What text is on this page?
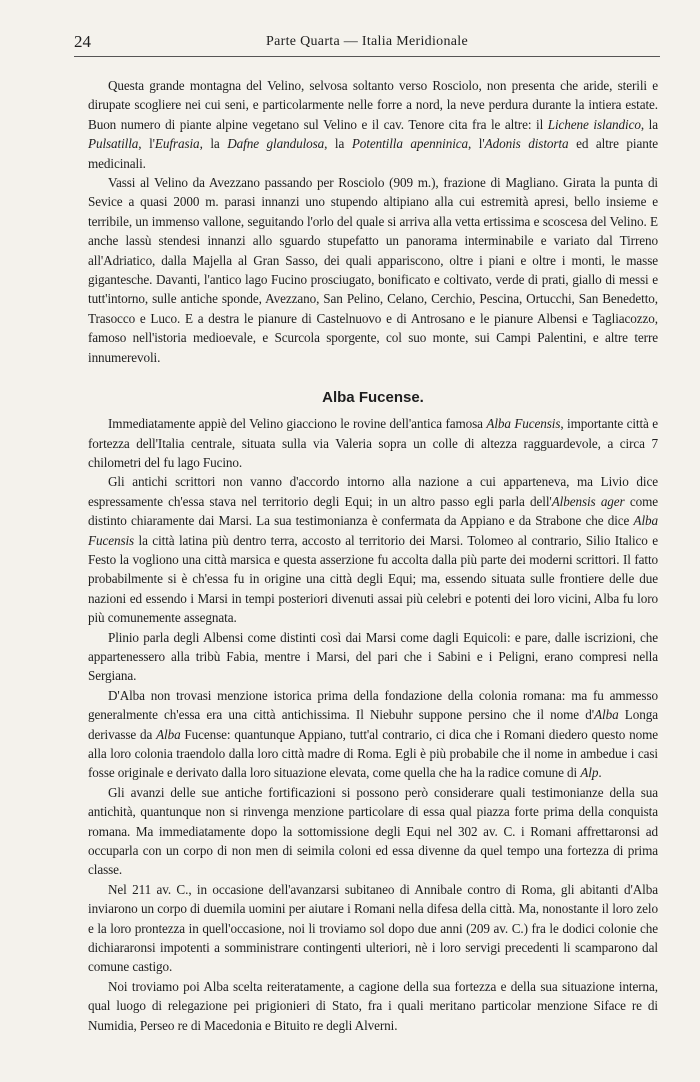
24	Parte Quarta — Italia Meridionale

Questa grande montagna del Velino, selvosa soltanto verso Rosciolo, non presenta che aride, sterili e dirupate scogliere nei cui seni, e particolarmente nelle forre a nord, la neve perdura durante la intiera estate. Buon numero di piante alpine vegetano sul Velino e il cav. Tenore cita fra le altre: il Lichene islandico, la Pulsatilla, l'Eufrasia, la Dafne glandulosa, la Potentilla apenninica, l'Adonis distorta ed altre piante medicinali.

Vassi al Velino da Avezzano passando per Rosciolo (909 m.), frazione di Magliano. Girata la punta di Sevice a quasi 2000 m. parasi innanzi uno stupendo altipiano alla cui estremità apresi, bello insieme e terribile, un immenso vallone, seguitando l'orlo del quale si arriva alla vetta ertissima e scoscesa del Velino. E anche lassù stendesi innanzi allo sguardo stupefatto un panorama interminabile e variato dal Tirreno all'Adriatico, dalla Majella al Gran Sasso, dei quali appariscono, oltre i piani e oltre i monti, le masse gigantesche. Davanti, l'antico lago Fucino prosciugato, bonificato e coltivato, verde di prati, giallo di messi e tutt'intorno, sulle antiche sponde, Avezzano, San Pelino, Celano, Cerchio, Pescina, Ortucchi, San Benedetto, Trasocco e Luco. E a destra le pianure di Castelnuovo e di Antrosano e le pianure Albensi e Tagliacozzo, famoso nell'istoria medioevale, e Scurcola sporgente, col suo monte, sui Campi Palentini, e altre terre innumerevoli.

Alba Fucense.

Immediatamente appiè del Velino giacciono le rovine dell'antica famosa Alba Fucensis, importante città e fortezza dell'Italia centrale, situata sulla via Valeria sopra un colle di altezza ragguardevole, a circa 7 chilometri del fu lago Fucino.

Gli antichi scrittori non vanno d'accordo intorno alla nazione a cui apparteneva, ma Livio dice espressamente ch'essa stava nel territorio degli Equi; in un altro passo egli parla dell'Albensis ager come distinto chiaramente dai Marsi. La sua testimonianza è confermata da Appiano e da Strabone che dice Alba Fucensis la città latina più dentro terra, accosto al territorio dei Marsi. Tolomeo al contrario, Silio Italico e Festo la vogliono una città marsica e questa asserzione fu accolta dalla più parte dei moderni scrittori. Il fatto probabilmente si è ch'essa fu in origine una città degli Equi; ma, essendo situata sulle frontiere delle due nazioni ed essendo i Marsi in tempi posteriori divenuti assai più celebri e potenti dei loro vicini, Alba fu loro più comunemente assegnata.

Plinio parla degli Albensi come distinti così dai Marsi come dagli Equicoli: e pare, dalle iscrizioni, che appartenessero alla tribù Fabia, mentre i Marsi, del pari che i Sabini e i Peligni, erano compresi nella Sergiana.

D'Alba non trovasi menzione istorica prima della fondazione della colonia romana: ma fu ammesso generalmente ch'essa era una città antichissima. Il Niebuhr suppone persino che il nome d'Alba Longa derivasse da Alba Fucense: quantunque Appiano, tutt'al contrario, ci dica che i Romani diedero questo nome alla loro colonia traendolo dalla loro città madre di Roma. Egli è più probabile che il nome in ambedue i casi fosse originale e derivato dalla loro situazione elevata, come quella che ha la radice comune di Alp.

Gli avanzi delle sue antiche fortificazioni si possono però considerare quali testimonianze della sua antichità, quantunque non si rinvenga menzione particolare di essa qual piazza forte prima della conquista romana. Ma immediatamente dopo la sottomissione degli Equi nel 302 av. C. i Romani affrettaronsi ad occuparla con un corpo di non men di seimila coloni ed essa divenne da quel tempo una fortezza di prima classe.

Nel 211 av. C., in occasione dell'avanzarsi subitaneo di Annibale contro di Roma, gli abitanti d'Alba inviarono un corpo di duemila uomini per aiutare i Romani nella difesa della città. Ma, nonostante il loro zelo e la loro prontezza in quell'occasione, noi li troviamo sol dopo due anni (209 av. C.) fra le dodici colonie che dichiararonsi impotenti a somministrare contingenti ulteriori, nè i loro servigi precedenti li scamparono dal comune castigo.

Noi troviamo poi Alba scelta reiteratamente, a cagione della sua fortezza e della sua situazione interna, qual luogo di relegazione pei prigionieri di Stato, fra i quali meritano particolar menzione Siface re di Numidia, Perseo re di Macedonia e Bituito re degli Alverni.
